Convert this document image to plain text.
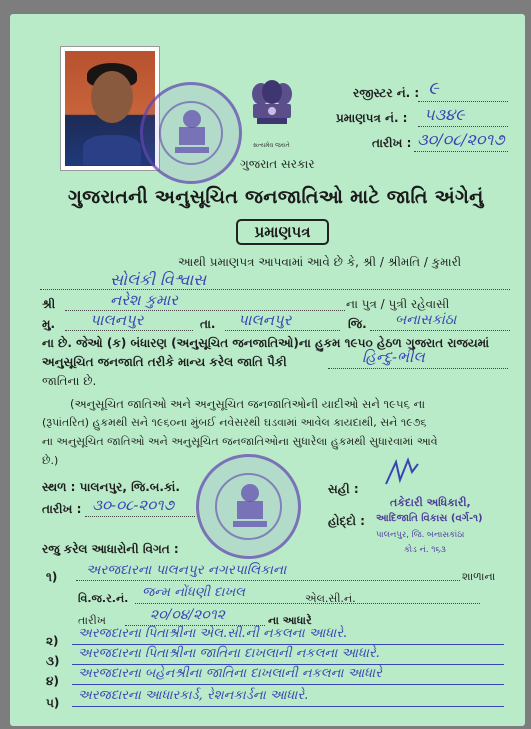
સત્યમેવ જયતે
ગુજરાત સરકાર
રજીસ્ટર નં. : ૯
પ્રમાણપત્ર નં. : ૫૩૪૯
તારીખ : ૩૦/૦૮/૨૦૧૭
ગુજરાતની અનુસૂચિત જનજાતિઓ માટે જાતિ અંગેનું
પ્રમાણપત્ર
આથી પ્રમાણપત્ર આપવામાં આવે છે કે, શ્રી / શ્રીમતિ / કુમારી
સોલંકી વિશ્વાસ
શ્રી	નરેશ કુમાર	ના પુત્ર / પુત્રી રહેવાસી
મુ. પાલનપુર	તા. પાલનપુર	જિ. બનાસકાંઠા
ના છે. જેઓ (ક) બંધારણ (અનુસૂચિત જનજાતિઓ)ના હુકમ ૧૯૫૦ હેઠળ ગુજરાત રાજયમાં
અનુસૂચિત જનજાતિ તરીકે માન્ય કરેલ જાતિ પૈકી	હિન્દુ-ભીલ
જાતિના છે.
(અનુસૂચિત જાતિઓ અને અનુસૂચિત જનજાતિઓની યાદીઓ સને ૧૯૫૬ ના
(રૂપાંતરિત) હુકમથી સને ૧૯૬૦ના મુંબઈ નવેસરથી ઘડવામાં આવેલ કાયદાથી, સને ૧૯૭૬
ના અનુસૂચિત જાતિઓ અને અનુસૂચિત જનજાતિઓના સુધારેલા હુકમથી સુધારવામાં આવે
છે.)
સ્થળ : પાલનપુર, જિ.બ.કાં.
તારીખ : ૩૦-૦૮-૨૦૧૭
સહી :
હોદ્દો :
તકેદારી અધિકારી,
આદિજાતિ વિકાસ (વર્ગ-૧)
પાલનપુર, જિ. બનાસકાંઠા
કોડ નં. ૧૬૩
રજુ કરેલ આધારોની વિગત :
૧) અરજદારના પાલનપુર નગરપાલિકાના	શાળાના
વિ.જ.ર.નં. જન્મ નોંધણી દાખલ	એલ.સી.નં.
તારીખ	૨૦/૦૪/૨૦૧૨	ના આધારે
૨) અરજદારના પિતાશ્રીના એલ.સી.ની નકલના આધારે.
૩) અરજદારના પિતાશ્રીના જાતિના દાખલાની નકલના આધારે.
૪) અરજદારના બહેનશ્રીના જાતિના દાખલાની નકલના આધારે
૫) અરજદારના આધારકાર્ડ, રેશનકાર્ડના આધારે.
